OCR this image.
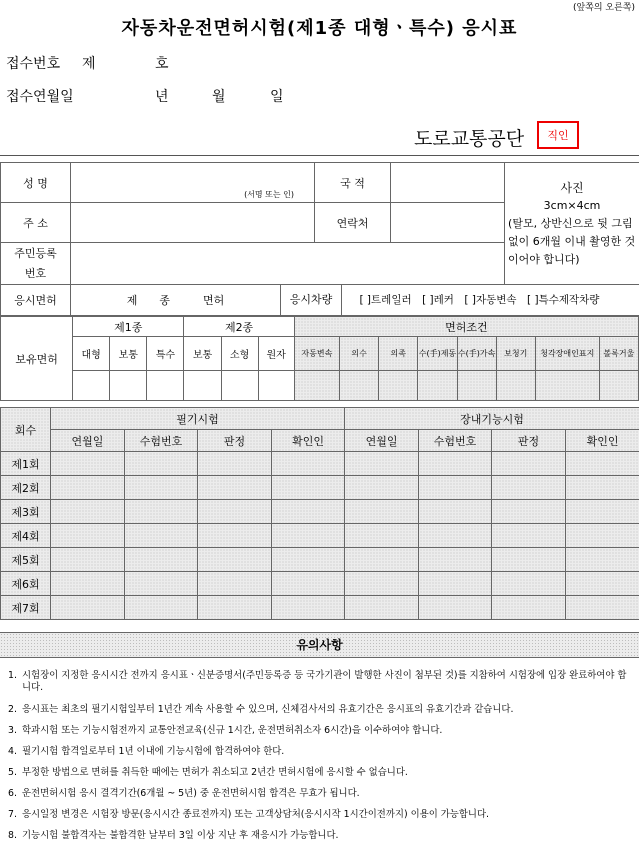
(앞쪽의 오른쪽)
자동차운전면허시험(제1종 대형ㆍ특수) 응시표
접수번호 제	호
접수연월일	년	월	일
도로교통공단	직인
성 명	(서명 또는 인)		국 적		사진
3cm×4cm
(탈모, 상반신으로 뒷 그림 없이 6개월 이내 촬영한 것이어야 합니다)

주 소			연락처		

주민등록
번호					

응시면허	제　　종　　　면허	응시차량 [ ]트레일러　[ ]레커　[ ]자동변속　[ ]특수제작차량			
보유면허	제1종			제2종			면허조건							
	대형	보통	특수	보통	소형	원자	자동변속	의수	의족	수(手)제동	수(手)가속	보청기	청각장애인표지	볼록거울

회수	필기시험				장내기능시험			
	연월일	수험번호	판정	확인인	연월일	수험번호	판정	확인인
제1회								
제2회								
제3회								
제4회								
제5회								
제6회								
제7회								
유의사항
1. 시험장이 지정한 응시시간 전까지 응시표ㆍ신분증명서(주민등록증 등 국가기관이 발행한 사진이 첨부된 것)를 지참하여 시험장에 입장 완료하여야 합니다.
2. 응시표는 최초의 필기시험일부터 1년간 계속 사용할 수 있으며, 신체검사서의 유효기간은 응시표의 유효기간과 같습니다.
3. 학과시험 또는 기능시험전까지 교통안전교육(신규 1시간, 운전면허취소자 6시간)을 이수하여야 합니다.
4. 필기시험 합격일로부터 1년 이내에 기능시험에 합격하여야 한다.
5. 부정한 방법으로 면허를 취득한 때에는 면허가 취소되고 2년간 면허시험에 응시할 수 없습니다.
6. 운전면허시험 응시 결격기간(6개월 ~ 5년) 중 운전면허시험 합격은 무효가 됩니다.
7. 응시일정 변경은 시험장 방문(응시시간 종료전까지) 또는 고객상담처(응시시작 1시간이전까지) 이용이 가능합니다.
8. 기능시험 불합격자는 불합격한 날부터 3일 이상 지난 후 재응시가 가능합니다.
